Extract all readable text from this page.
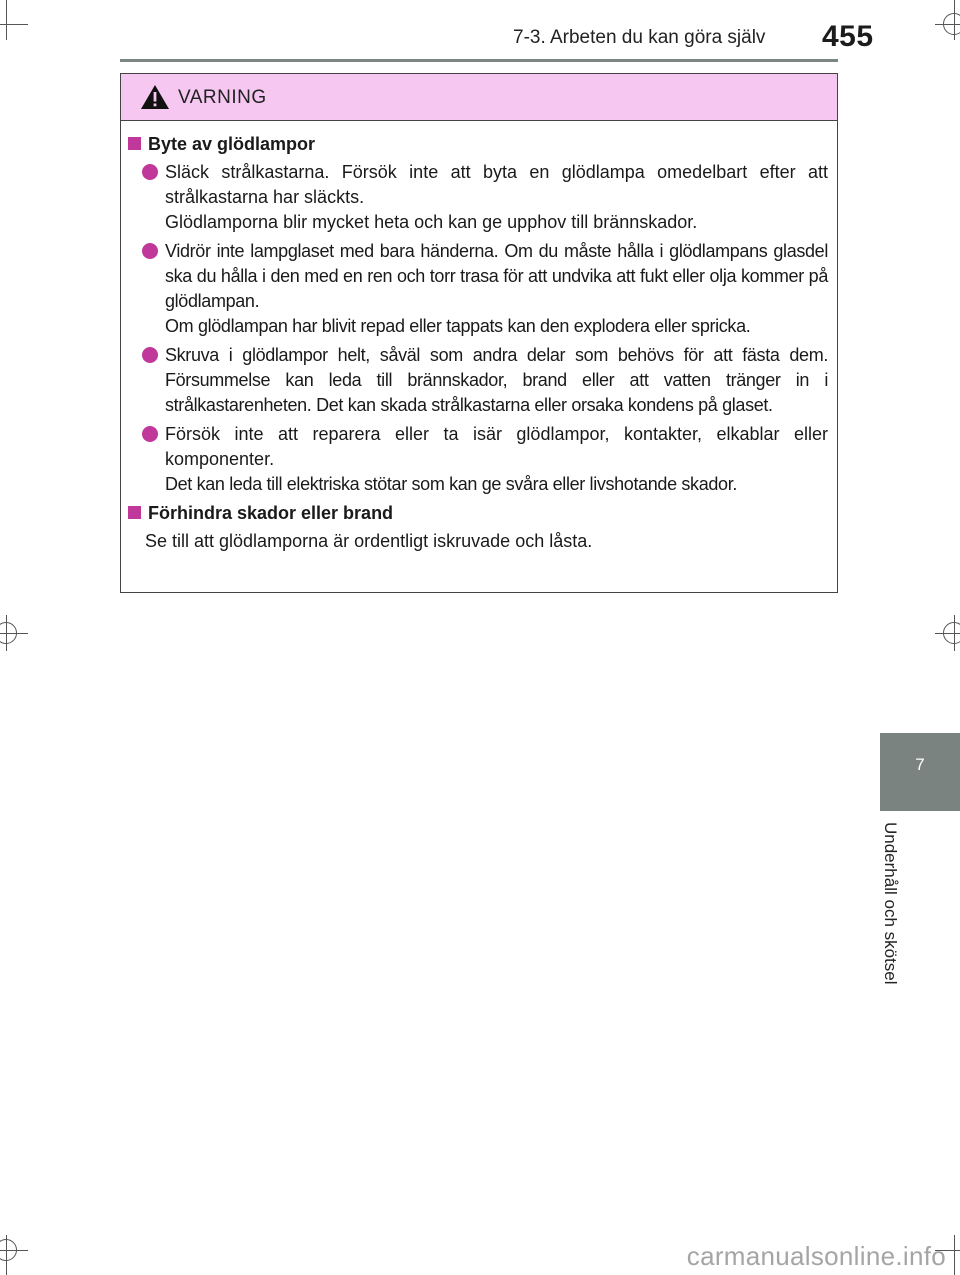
7-3. Arbeten du kan göra själv 455
VARNING
Byte av glödlampor

Släck strålkastarna. Försök inte att byta en glödlampa omedelbart efter att strålkastarna har släckts.

Glödlamporna blir mycket heta och kan ge upphov till brännskador.

Vidrör inte lampglaset med bara händerna. Om du måste hålla i glödlampans glasdel ska du hålla i den med en ren och torr trasa för att undvika att fukt eller olja kommer på glödlampan.

Om glödlampan har blivit repad eller tappats kan den explodera eller spricka.

Skruva i glödlampor helt, såväl som andra delar som behövs för att fästa dem. Försummelse kan leda till brännskador, brand eller att vatten tränger in i strålkastarenheten. Det kan skada strålkastarna eller orsaka kondens på glaset.

Försök inte att reparera eller ta isär glödlampor, kontakter, elkablar eller komponenter.

Det kan leda till elektriska stötar som kan ge svåra eller livshotande skador.

Förhindra skador eller brand
Se till att glödlamporna är ordentligt iskruvade och låsta.
7
Underhåll och skötsel
carmanualsonline.info
